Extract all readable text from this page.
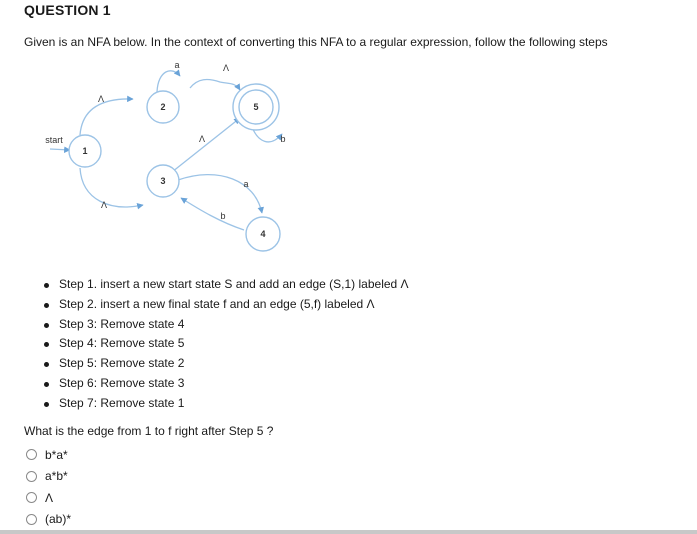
QUESTION 1
Given is an NFA below. In the context of converting this NFA to a regular expression, follow the following steps
1
2
3
5
4
start
Λ
Λ
a	Λ
Λ	b
a
b
Step 1. insert a new start state S and add an edge (S,1) labeled Λ
Step 2. insert a new final state f and an edge (5,f) labeled Λ
Step 3: Remove state 4
Step 4: Remove state 5
Step 5: Remove state 2
Step 6: Remove state 3
Step 7: Remove state 1
What is the edge from 1 to f right after Step 5 ?
b*a*
a*b*
Λ
(ab)*
